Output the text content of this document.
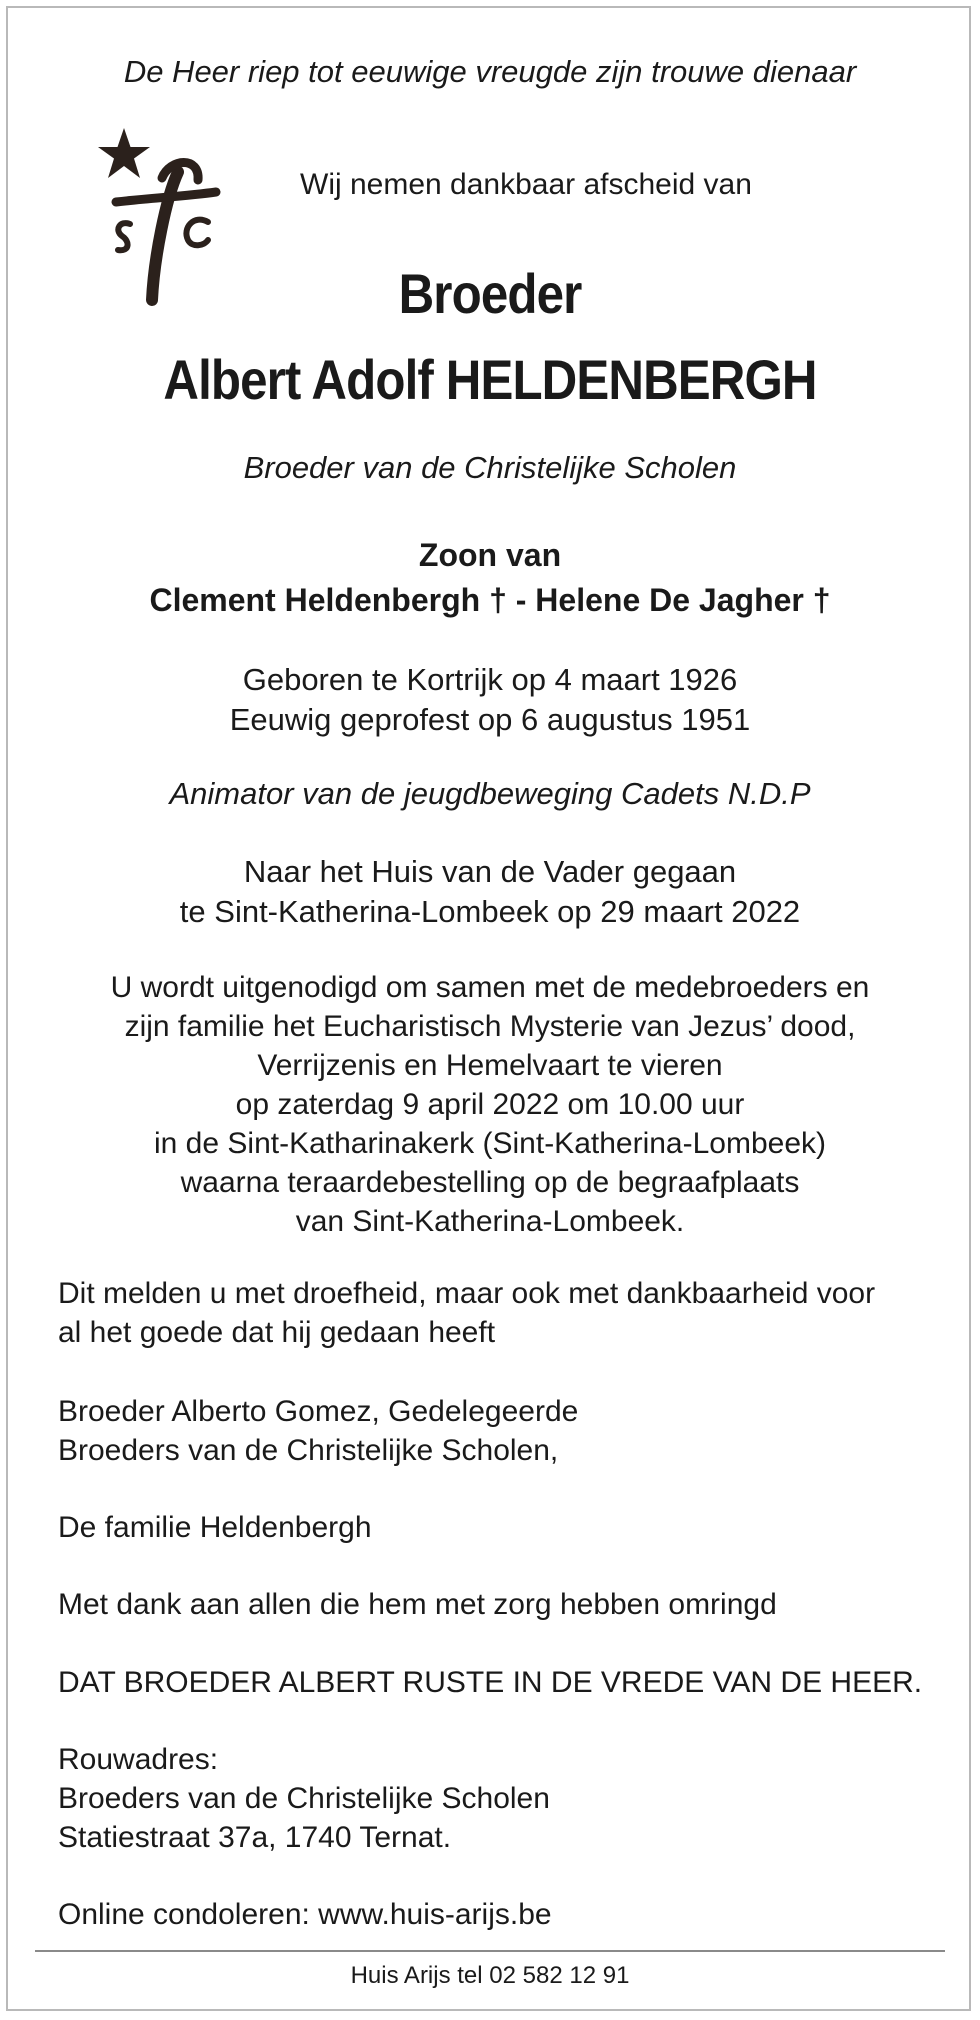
De Heer riep tot eeuwige vreugde zijn trouwe dienaar
Wij nemen dankbaar afscheid van
Broeder
Albert Adolf HELDENBERGH
Broeder van de Christelijke Scholen
Zoon van
Clement Heldenbergh † - Helene De Jagher †
Geboren te Kortrijk op 4 maart 1926
Eeuwig geprofest op 6 augustus 1951
Animator van de jeugdbeweging Cadets N.D.P
Naar het Huis van de Vader gegaan
te Sint-Katherina-Lombeek op 29 maart 2022
U wordt uitgenodigd om samen met de medebroeders en
zijn familie het Eucharistisch Mysterie van Jezus’ dood,
Verrijzenis en Hemelvaart te vieren
op zaterdag 9 april 2022 om 10.00 uur
in de Sint-Katharinakerk (Sint-Katherina-Lombeek)
waarna teraardebestelling op de begraafplaats
van Sint-Katherina-Lombeek.
Dit melden u met droefheid, maar ook met dankbaarheid voor
al het goede dat hij gedaan heeft
Broeder Alberto Gomez, Gedelegeerde
Broeders van de Christelijke Scholen,
De familie Heldenbergh
Met dank aan allen die hem met zorg hebben omringd
DAT BROEDER ALBERT RUSTE IN DE VREDE VAN DE HEER.
Rouwadres:
Broeders van de Christelijke Scholen
Statiestraat 37a, 1740 Ternat.
Online condoleren: www.huis-arijs.be
Huis Arijs tel 02 582 12 91
